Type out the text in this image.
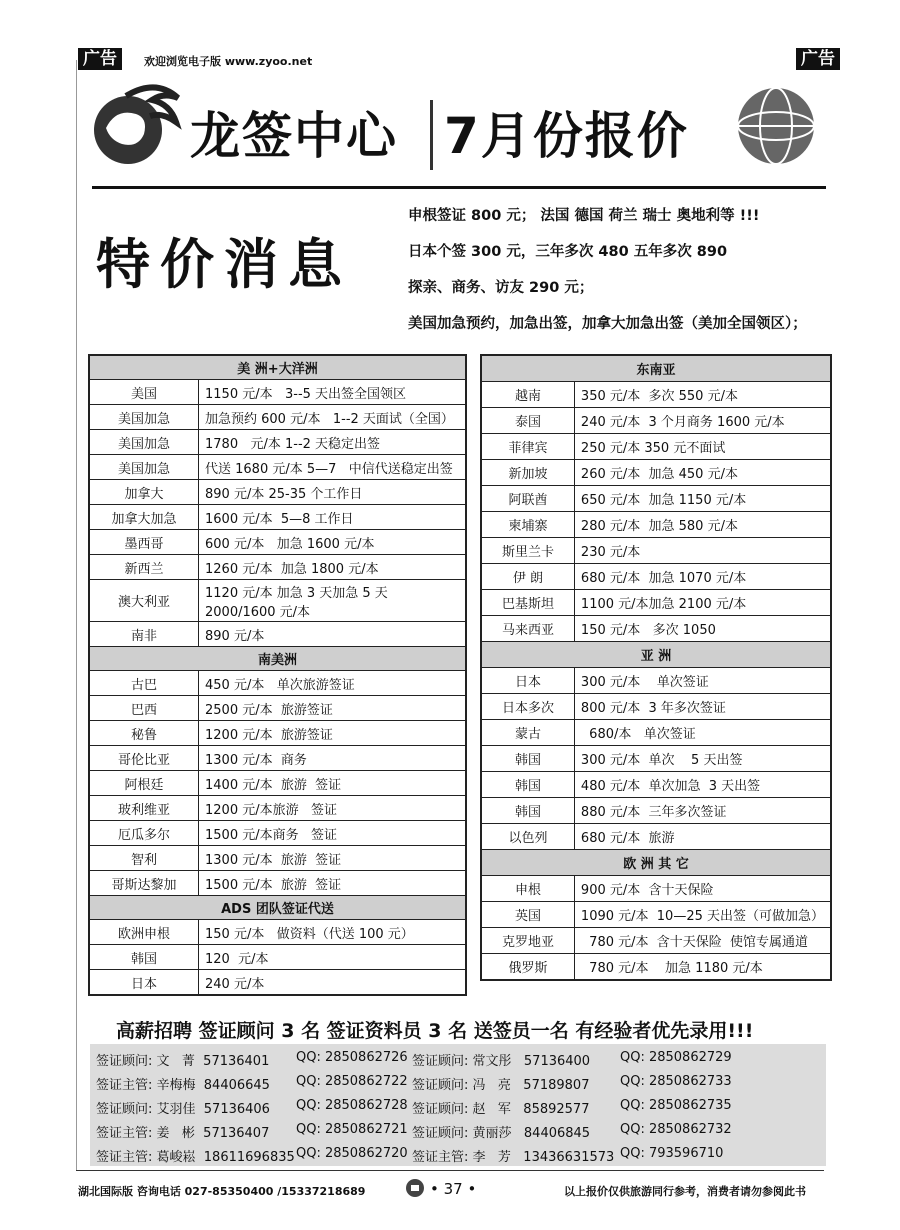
广告	欢迎浏览电子版 www.zyoo.net	广告
龙签中心 7月份报价
特价消息
申根签证 800 元； 法国 德国 荷兰 瑞士 奥地利等 !!!
日本个签 300 元，三年多次 480 五年多次 890
探亲、商务、访友 290 元；
美国加急预约，加急出签，加拿大加急出签（美加全国领区）；
美 洲+大洋洲	
美国	1150 元/本   3--5 天出签全国领区
美国加急	加急预约 600 元/本   1--2 天面试（全国）
美国加急	1780   元/本 1--2 天稳定出签
美国加急	代送 1680 元/本 5—7   中信代送稳定出签
加拿大	890 元/本 25-35 个工作日
加拿大加急	1600 元/本  5—8 工作日
墨西哥	600 元/本   加急 1600 元/本
新西兰	1260 元/本  加急 1800 元/本
澳大利亚	1120 元/本 加急 3 天加急 5 天 2000/1600 元/本
南非	890 元/本
南美洲	
古巴	450 元/本   单次旅游签证
巴西	2500 元/本  旅游签证
秘鲁	1200 元/本  旅游签证
哥伦比亚	1300 元/本  商务
阿根廷	1400 元/本  旅游  签证
玻利维亚	1200 元/本旅游   签证
厄瓜多尔	1500 元/本商务   签证
智利	1300 元/本  旅游  签证
哥斯达黎加	1500 元/本  旅游  签证
ADS 团队签证代送	
欧洲申根	150 元/本   做资料（代送 100 元）
韩国	120  元/本
日本	240 元/本
东南亚	
越南	350 元/本  多次 550 元/本
泰国	240 元/本  3 个月商务 1600 元/本
菲律宾	250 元/本 350 元不面试
新加坡	260 元/本  加急 450 元/本
阿联酋	650 元/本  加急 1150 元/本
柬埔寨	280 元/本  加急 580 元/本
斯里兰卡	230 元/本
伊 朗	680 元/本  加急 1070 元/本
巴基斯坦	1100 元/本加急 2100 元/本
马来西亚	150 元/本   多次 1050
亚 洲	
日本	300 元/本    单次签证
日本多次	800 元/本  3 年多次签证
蒙古	680/本   单次签证
韩国	300 元/本  单次    5 天出签
韩国	480 元/本  单次加急  3 天出签
韩国	880 元/本  三年多次签证
以色列	680 元/本  旅游
欧 洲 其 它	
申根	900 元/本  含十天保险
英国	1090 元/本  10—25 天出签（可做加急）
克罗地亚	780 元/本  含十天保险  使馆专属通道
俄罗斯	780 元/本    加急 1180 元/本
高薪招聘 签证顾问 3 名 签证资料员 3 名 送签员一名 有经验者优先录用!!!
签证顾问: 文   菁  57136401 QQ: 2850862726 签证顾问: 常文彤   57136400 QQ: 2850862729
签证主管: 辛梅梅  84406645 QQ: 2850862722 签证顾问: 冯   亮   57189807 QQ: 2850862733
签证顾问: 艾羽佳  57136406 QQ: 2850862728 签证顾问: 赵   军   85892577 QQ: 2850862735
签证主管: 姜   彬  57136407 QQ: 2850862721 签证顾问: 黄丽莎   84406845 QQ: 2850862732
签证主管: 葛峻崧  18611696835 QQ: 2850862720 签证主管: 李   芳   13436631573 QQ: 793596710
湖北国际版 咨询电话 027-85350400 /15337218689	• 37 •	以上报价仅供旅游同行参考，消费者请勿参阅此书
